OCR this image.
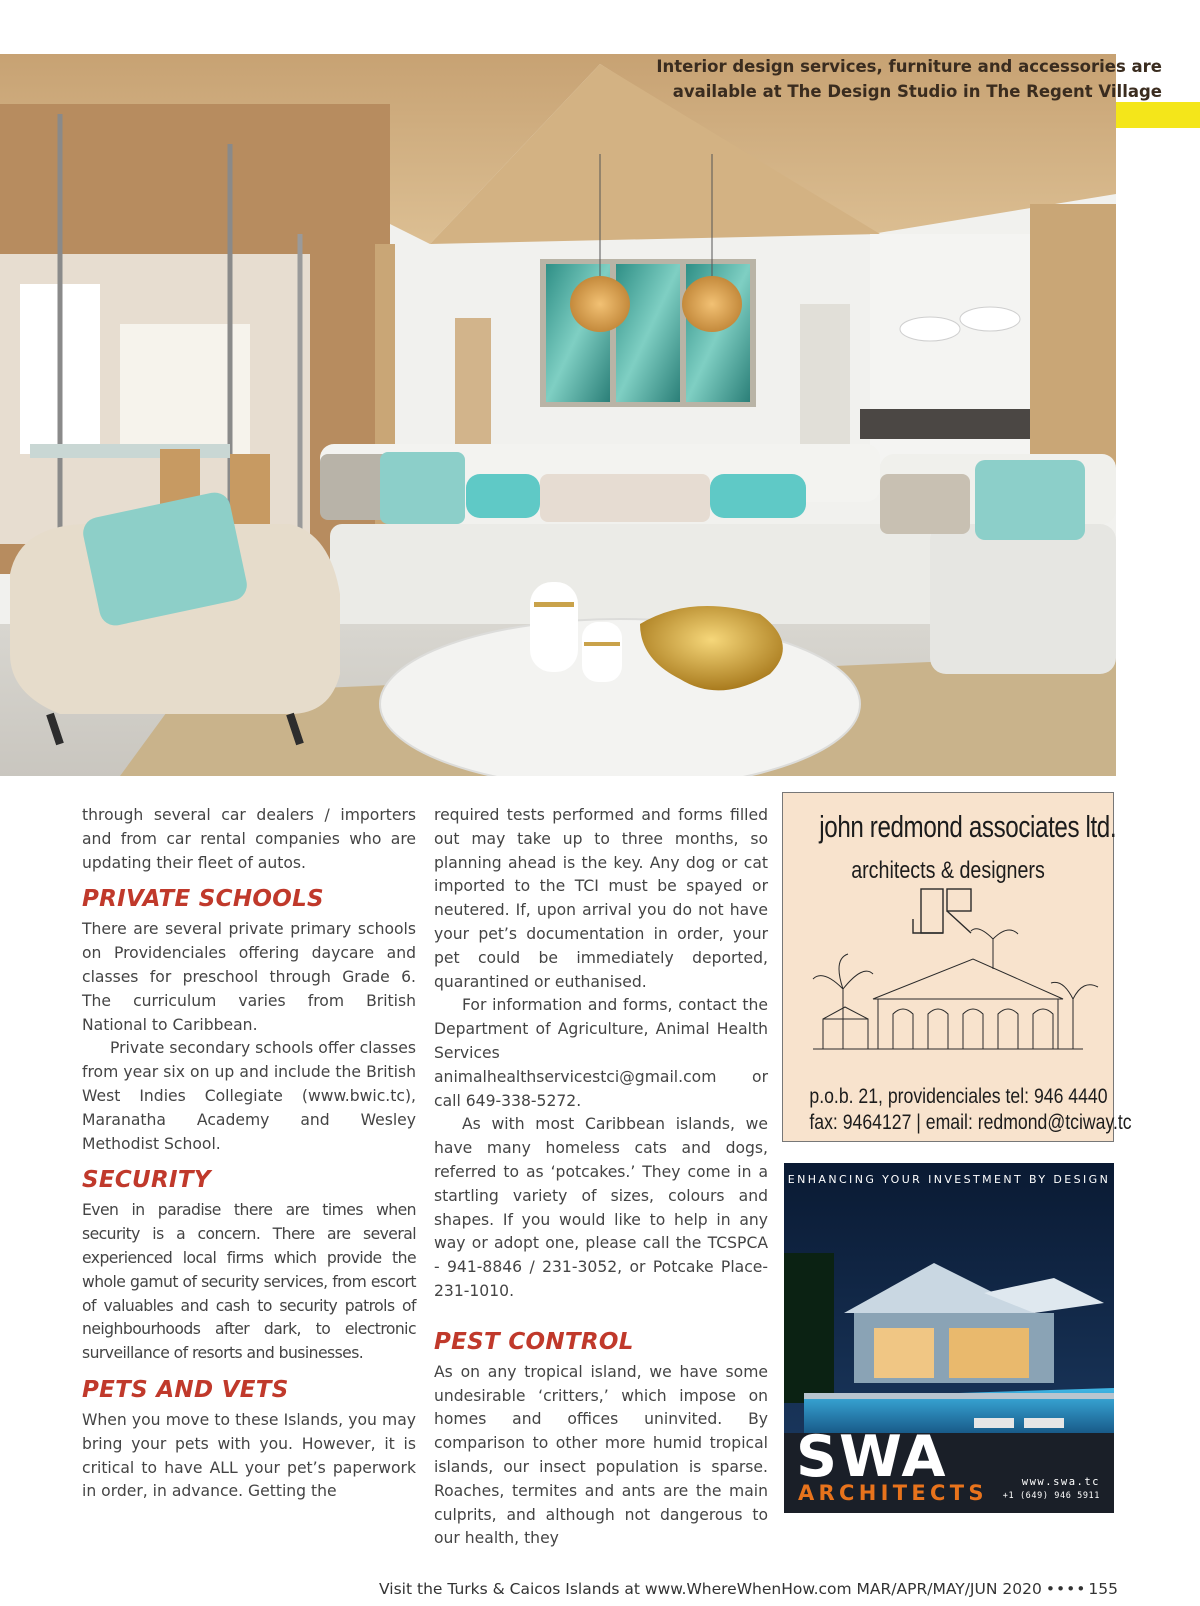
Interior design services, furniture and accessories are
available at The Design Studio in The Regent Village

through several car dealers / importers and from car rental companies who are updating their fleet of autos.

PRIVATE SCHOOLS

There are several private primary schools on Providenciales offering daycare and classes for preschool through Grade 6. The curriculum varies from British National to Caribbean.

Private secondary schools offer classes from year six on up and include the British West Indies Collegiate (www.bwic.tc), Maranatha Academy and Wesley Methodist School.

SECURITY

Even in paradise there are times when security is a concern. There are several experienced local firms which provide the whole gamut of security services, from escort of valuables and cash to security patrols of neighbourhoods after dark, to electronic surveillance of resorts and businesses.

PETS AND VETS

When you move to these Islands, you may bring your pets with you. However, it is critical to have ALL your pet’s paperwork in order, in advance. Getting the

required tests performed and forms filled out may take up to three months, so planning ahead is the key. Any dog or cat imported to the TCI must be spayed or neutered. If, upon arrival you do not have your pet’s documentation in order, your pet could be immediately deported, quarantined or euthanised.

For information and forms, contact the Department of Agriculture, Animal Health Services animalhealthservicestci@gmail.com or call 649-338-5272.

As with most Caribbean islands, we have many homeless cats and dogs, referred to as ‘potcakes.’ They come in a startling variety of sizes, colours and shapes. If you would like to help in any way or adopt one, please call the TCSPCA - 941-8846 / 231-3052, or Potcake Place- 231-1010.

PEST CONTROL

As on any tropical island, we have some undesirable ‘critters,’ which impose on homes and offices uninvited. By comparison to other more humid tropical islands, our insect population is sparse. Roaches, termites and ants are the main culprits, and although not dangerous to our health, they

john redmond associates ltd.
architects & designers
p.o.b. 21, providenciales tel: 946 4440
fax: 9464127 | email: redmond@tciway.tc
ENHANCING YOUR INVESTMENT BY DESIGN
SWA
ARCHITECTS	www.swa.tc
+1 (649) 946 5911
Visit the Turks & Caicos Islands at www.WhereWhenHow.com MAR/APR/MAY/JUN 2020 •••• 155
